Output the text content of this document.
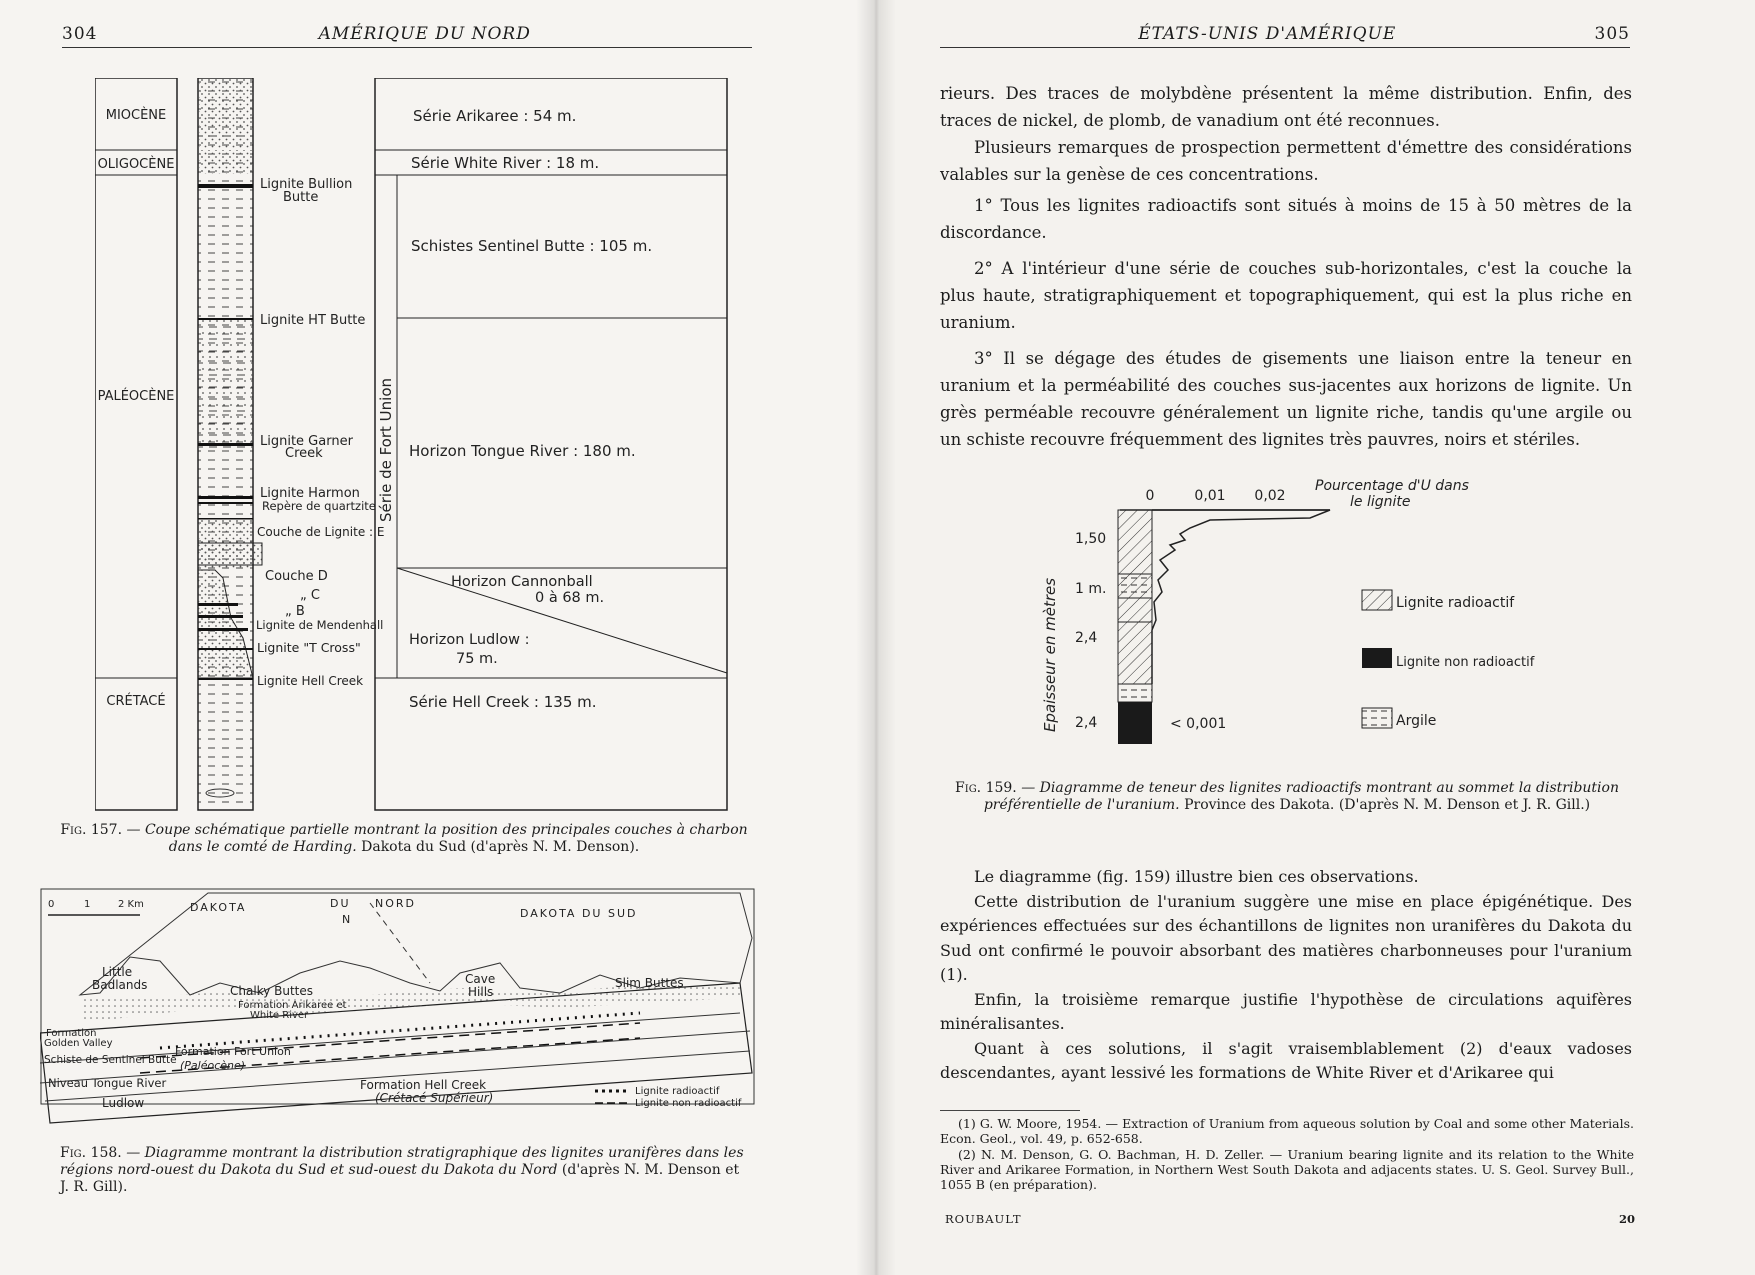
304	AMÉRIQUE DU NORD
MIOCÈNE
OLIGOCÈNE
PALÉOCÈNE
CRÉTACÉ
Lignite Bullion
Butte
Lignite HT Butte
Lignite Garner
Creek
Lignite Harmon
Repère de quartzite
Couche de Lignite : E
Couche D
„ C
„ B
Lignite de Mendenhall
Lignite "T Cross"
Lignite Hell Creek
Série Arikaree : 54 m.
Série White River : 18 m.
Schistes Sentinel Butte : 105 m.
Horizon Tongue River : 180 m.
Horizon Cannonball
0 à 68 m.
Horizon Ludlow :
75 m.
Série Hell Creek : 135 m.
Série de Fort Union
Fig. 157. — Coupe schématique partielle montrant la position des principales couches à charbon dans le comté de Harding. Dakota du Sud (d'après N. M. Denson).
0	1	2 Km	DAKOTA	DU NORD
N	DAKOTA DU SUD
Little
Badlands	Chalky Buttes
Cave
Hills
Slim Buttes
Formation Arikaree et
White River
Formation
Golden Valley
Schiste de Sentinel Butte
Formation Fort Union
(Paléocène)
Niveau Tongue River
Ludlow
Formation Hell Creek
(Crétacé Supérieur)	Lignite radioactif
Lignite non radioactif
Fig. 158. — Diagramme montrant la distribution stratigraphique des lignites uranifères dans les régions nord-ouest du Dakota du Sud et sud-ouest du Dakota du Nord (d'après N. M. Denson et J. R. Gill).
ÉTATS-UNIS D'AMÉRIQUE	305

rieurs. Des traces de molybdène présentent la même distribution. Enfin, des traces de nickel, de plomb, de vanadium ont été reconnues.

Plusieurs remarques de prospection permettent d'émettre des considérations valables sur la genèse de ces concentrations.

1° Tous les lignites radioactifs sont situés à moins de 15 à 50 mètres de la discordance.

2° A l'intérieur d'une série de couches sub-horizontales, c'est la couche la plus haute, stratigraphiquement et topographiquement, qui est la plus riche en uranium.

3° Il se dégage des études de gisements une liaison entre la teneur en uranium et la perméabilité des couches sus-jacentes aux horizons de lignite. Un grès perméable recouvre généralement un lignite riche, tandis qu'une argile ou un schiste recouvre fréquemment des lignites très pauvres, noirs et stériles.

0	0,01 0,02
Pourcentage d'U dans
le lignite
Epaisseur en mètres
1,50
1 m.
2,4
2,4	< 0,001
Lignite radioactif
Lignite non radioactif
Argile
Fig. 159. — Diagramme de teneur des lignites radioactifs montrant au sommet la distribution préférentielle de l'uranium. Province des Dakota. (D'après N. M. Denson et J. R. Gill.)

Le diagramme (fig. 159) illustre bien ces observations.

Cette distribution de l'uranium suggère une mise en place épigénétique. Des expériences effectuées sur des échantillons de lignites non uranifères du Dakota du Sud ont confirmé le pouvoir absorbant des matières charbonneuses pour l'uranium (1).

Enfin, la troisième remarque justifie l'hypothèse de circulations aquifères minéralisantes.

Quant à ces solutions, il s'agit vraisemblablement (2) d'eaux vadoses descendantes, ayant lessivé les formations de White River et d'Arikaree qui

(1) G. W. Moore, 1954. — Extraction of Uranium from aqueous solution by Coal and some other Materials. Econ. Geol., vol. 49, p. 652-658.

(2) N. M. Denson, G. O. Bachman, H. D. Zeller. — Uranium bearing lignite and its relation to the White River and Arikaree Formation, in Northern West South Dakota and adjacents states. U. S. Geol. Survey Bull., 1055 B (en préparation).

ROUBAULT	20
